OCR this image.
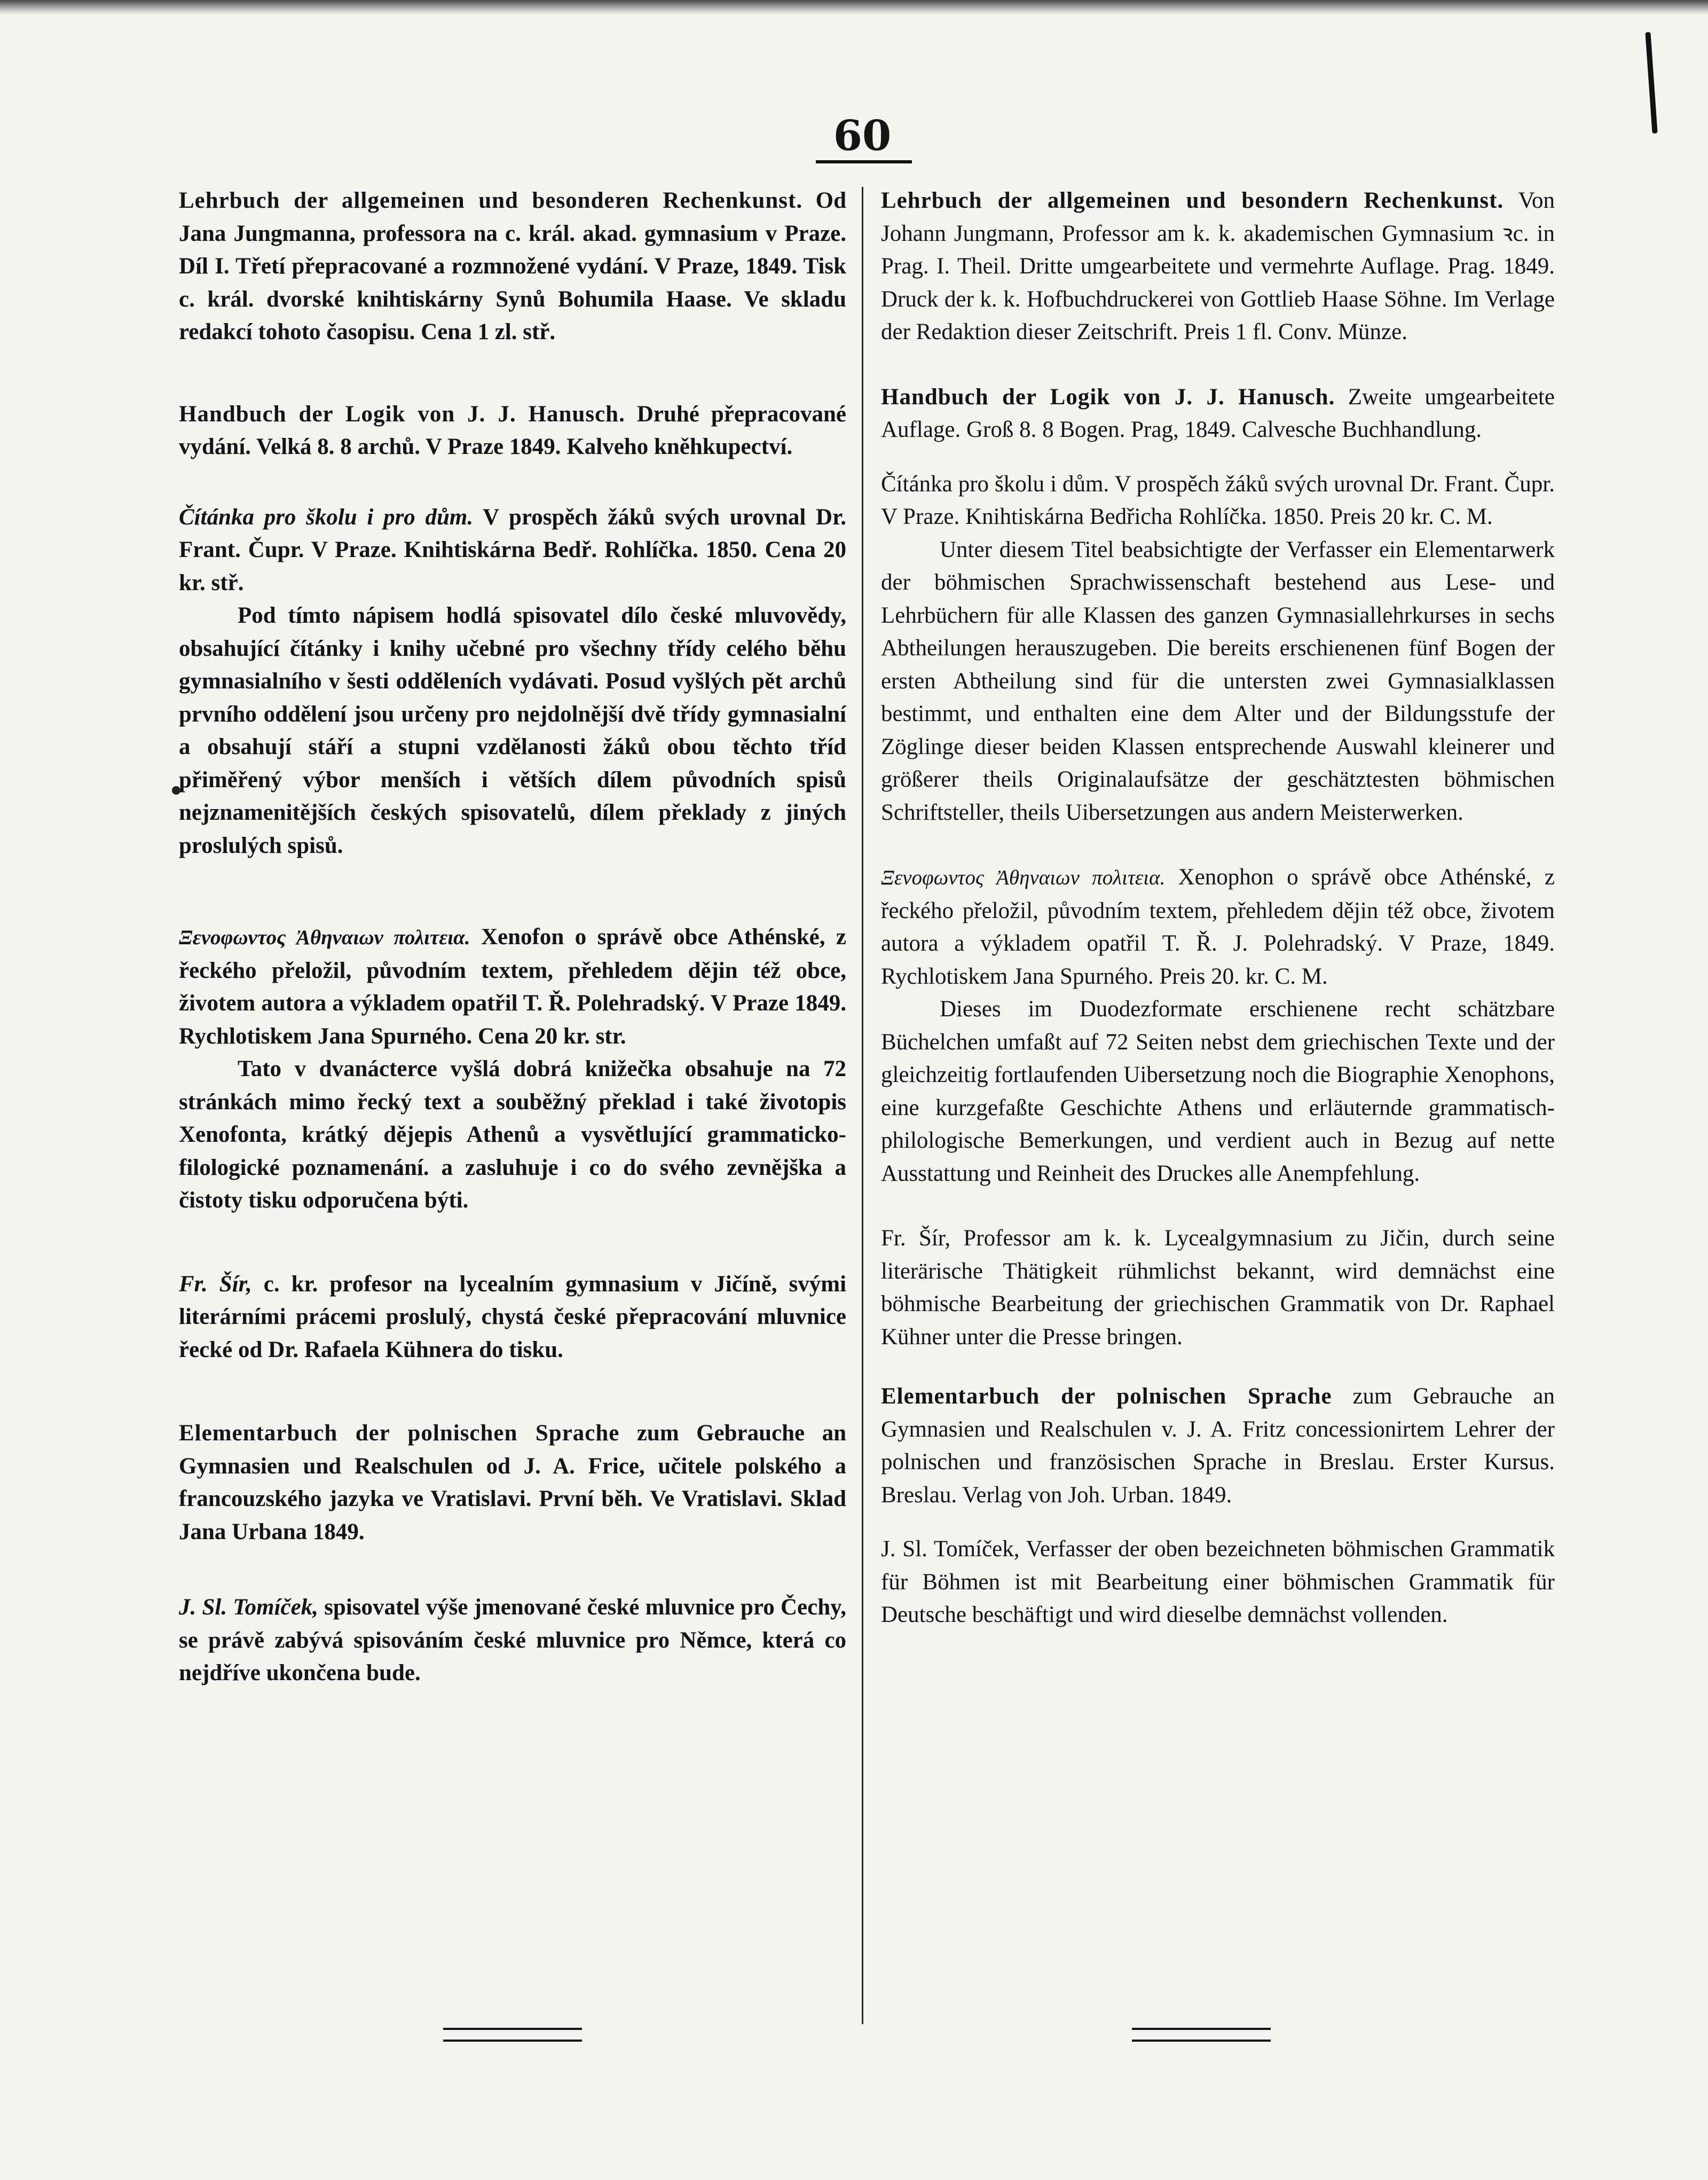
60

Lehrbuch der allgemeinen und besonderen Rechenkunst. Od Jana Jungmanna, professora na c. král. akad. gymnasium v Praze. Díl I. Třetí přepracované a rozmnožené vydání. V Praze, 1849. Tisk c. král. dvorské knihtiskárny Synů Bohumila Haase. Ve skladu redakcí tohoto časopisu. Cena 1 zl. stř.

Handbuch der Logik von J. J. Hanusch. Druhé přepracované vydání. Velká 8. 8 archů. V Praze 1849. Kalveho kněhkupectví.

Čítánka pro školu i pro dům. V prospěch žáků svých urovnal Dr. Frant. Čupr. V Praze. Knihtiskárna Bedř. Rohlíčka. 1850. Cena 20 kr. stř.

Pod tímto nápisem hodlá spisovatel dílo české mluvovědy, obsahující čítánky i knihy učebné pro všechny třídy celého běhu gymnasialního v šesti odděleních vydávati. Posud vyšlých pět archů prvního oddělení jsou určeny pro nejdolnější dvě třídy gymnasialní a obsahují stáří a stupni vzdělanosti žáků obou těchto tříd přiměřený výbor menších i větších dílem původních spisů nejznamenitějších českých spisovatelů, dílem překlady z jiných proslulých spisů.

Ξενοφωντος Ἀθηναιων πολιτεια. Xenofon o správě obce Athénské, z řeckého přeložil, původním textem, přehledem dějin též obce, životem autora a výkladem opatřil T. Ř. Polehradský. V Praze 1849. Rychlotiskem Jana Spurného. Cena 20 kr. str.

Tato v dvanácterce vyšlá dobrá knižečka obsahuje na 72 stránkách mimo řecký text a souběžný překlad i také životopis Xenofonta, krátký dějepis Athenů a vysvětlující grammaticko-filologické poznamenání. a zasluhuje i co do svého zevnějška a čistoty tisku odporučena býti.

Fr. Šír, c. kr. profesor na lycealním gymnasium v Jičíně, svými literárními prácemi proslulý, chystá české přepracování mluvnice řecké od Dr. Rafaela Kühnera do tisku.

Elementarbuch der polnischen Sprache zum Gebrauche an Gymnasien und Realschulen od J. A. Frice, učitele polského a francouzského jazyka ve Vratislavi. První běh. Ve Vratislavi. Sklad Jana Urbana 1849.

J. Sl. Tomíček, spisovatel výše jmenované české mluvnice pro Čechy, se právě zabývá spisováním české mluvnice pro Němce, která co nejdříve ukončena bude.

Lehrbuch der allgemeinen und besondern Rechenkunst. Von Johann Jungmann, Professor am k. k. akademischen Gymnasium ꝛc. in Prag. I. Theil. Dritte umgearbeitete und vermehrte Auflage. Prag. 1849. Druck der k. k. Hofbuchdruckerei von Gottlieb Haase Söhne. Im Verlage der Redaktion dieser Zeitschrift. Preis 1 fl. Conv. Münze.

Handbuch der Logik von J. J. Hanusch. Zweite umgearbeitete Auflage. Groß 8. 8 Bogen. Prag, 1849. Calvesche Buchhandlung.

Čítánka pro školu i dům. V prospěch žáků svých urovnal Dr. Frant. Čupr. V Praze. Knihtiskárna Bedřicha Rohlíčka. 1850. Preis 20 kr. C. M.

Unter diesem Titel beabsichtigte der Verfasser ein Elementarwerk der böhmischen Sprachwissenschaft bestehend aus Lese- und Lehrbüchern für alle Klassen des ganzen Gymnasiallehrkurses in sechs Abtheilungen herauszugeben. Die bereits erschienenen fünf Bogen der ersten Abtheilung sind für die untersten zwei Gymnasialklassen bestimmt, und enthalten eine dem Alter und der Bildungsstufe der Zöglinge dieser beiden Klassen entsprechende Auswahl kleinerer und größerer theils Originalaufsätze der geschätztesten böhmischen Schriftsteller, theils Uibersetzungen aus andern Meisterwerken.

Ξενοφωντος Ἀθηναιων πολιτεια. Xenophon o správě obce Athénské, z řeckého přeložil, původním textem, přehledem dějin též obce, životem autora a výkladem opatřil T. Ř. J. Polehradský. V Praze, 1849. Rychlotiskem Jana Spurného. Preis 20. kr. C. M.

Dieses im Duodezformate erschienene recht schätzbare Büchelchen umfaßt auf 72 Seiten nebst dem griechischen Texte und der gleichzeitig fortlaufenden Uibersetzung noch die Biographie Xenophons, eine kurzgefaßte Geschichte Athens und erläuternde grammatisch-philologische Bemerkungen, und verdient auch in Bezug auf nette Ausstattung und Reinheit des Druckes alle Anempfehlung.

Fr. Šír, Professor am k. k. Lycealgymnasium zu Jičin, durch seine literärische Thätigkeit rühmlichst bekannt, wird demnächst eine böhmische Bearbeitung der griechischen Grammatik von Dr. Raphael Kühner unter die Presse bringen.

Elementarbuch der polnischen Sprache zum Gebrauche an Gymnasien und Realschulen v. J. A. Fritz concessionirtem Lehrer der polnischen und französischen Sprache in Breslau. Erster Kursus. Breslau. Verlag von Joh. Urban. 1849.

J. Sl. Tomíček, Verfasser der oben bezeichneten böhmischen Grammatik für Böhmen ist mit Bearbeitung einer böhmischen Grammatik für Deutsche beschäftigt und wird dieselbe demnächst vollenden.
